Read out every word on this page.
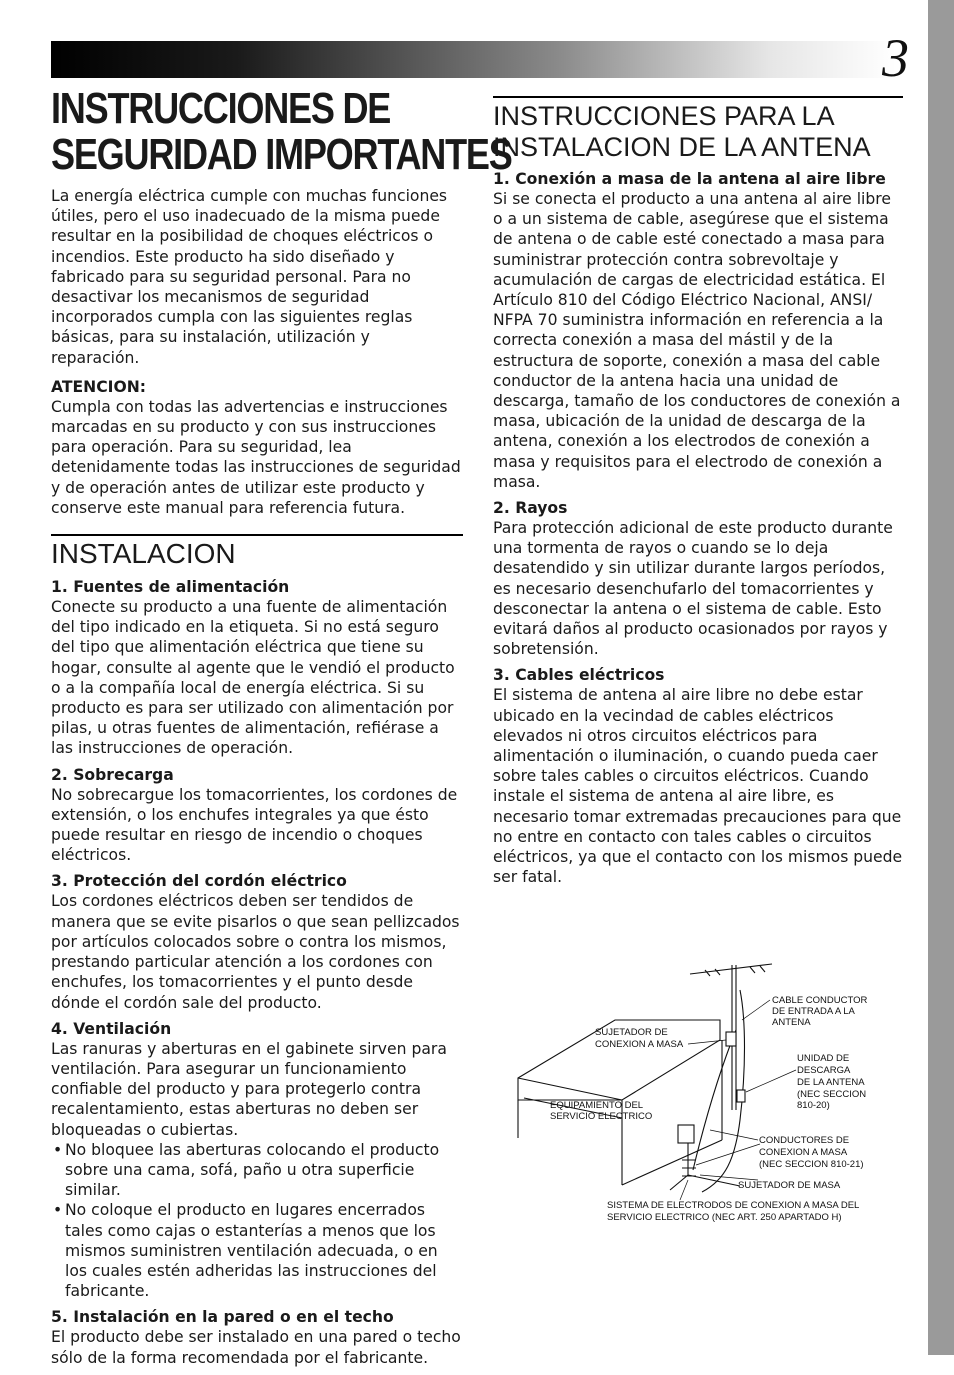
3
INSTRUCCIONES DE
SEGURIDAD IMPORTANTES

La energía eléctrica cumple con muchas funciones útiles, pero el uso inadecuado de la misma puede resultar en la posibilidad de choques eléctricos o incendios. Este producto ha sido diseñado y fabricado para su seguridad personal. Para no desactivar los mecanismos de seguridad incorporados cumpla con las siguientes reglas básicas, para su instalación, utilización y reparación.

ATENCION:

Cumpla con todas las advertencias e instrucciones marcadas en su producto y con sus instrucciones para operación. Para su seguridad, lea detenidamente todas las instrucciones de seguridad y de operación antes de utilizar este producto y conserve este manual para referencia futura.

INSTALACION
1. Fuentes de alimentación

Conecte su producto a una fuente de alimentación del tipo indicado en la etiqueta. Si no está seguro del tipo que alimentación eléctrica que tiene su hogar, consulte al agente que le vendió el producto o a la compañía local de energía eléctrica. Si su producto es para ser utilizado con alimentación por pilas, u otras fuentes de alimentación, refiérase a las instrucciones de operación.

2. Sobrecarga

No sobrecargue los tomacorrientes, los cordones de extensión, o los enchufes integrales ya que ésto puede resultar en riesgo de incendio o choques eléctricos.

3. Protección del cordón eléctrico

Los cordones eléctricos deben ser tendidos de manera que se evite pisarlos o que sean pellizcados por artículos colocados sobre o contra los mismos, prestando particular atención a los cordones con enchufes, los tomacorrientes y el punto desde dónde el cordón sale del producto.

4. Ventilación

Las ranuras y aberturas en el gabinete sirven para ventilación. Para asegurar un funcionamiento confiable del producto y para protegerlo contra recalentamiento, estas aberturas no deben ser bloqueadas o cubiertas.

• No bloquee las aberturas colocando el producto sobre una cama, sofá, paño u otra superficie similar.
• No coloque el producto en lugares encerrados tales como cajas o estanterías a menos que los mismos suministren ventilación adecuada, o en los cuales estén adheridas las instrucciones del fabricante.
5. Instalación en la pared o en el techo

El producto debe ser instalado en una pared o techo sólo de la forma recomendada por el fabricante.

INSTRUCCIONES PARA LA INSTALACION DE LA ANTENA
1. Conexión a masa de la antena al aire libre

Si se conecta el producto a una antena al aire libre o a un sistema de cable, asegúrese que el sistema de antena o de cable esté conectado a masa para suministrar protección contra sobrevoltaje y acumulación de cargas de electricidad estática. El Artículo 810 del Código Eléctrico Nacional, ANSI/ NFPA 70 suministra información en referencia a la correcta conexión a masa del mástil y de la estructura de soporte, conexión a masa del cable conductor de la antena hacia una unidad de descarga, tamaño de los conductores de conexión a masa, ubicación de la unidad de descarga de la antena, conexión a los electrodos de conexión a masa y requisitos para el electrodo de conexión a masa.

2. Rayos

Para protección adicional de este producto durante una tormenta de rayos o cuando se lo deja desatendido y sin utilizar durante largos períodos, es necesario desenchufarlo del tomacorrientes y desconectar la antena o el sistema de cable. Esto evitará daños al producto ocasionados por rayos y sobretensión.

3. Cables eléctricos

El sistema de antena al aire libre no debe estar ubicado en la vecindad de cables eléctricos elevados ni otros circuitos eléctricos para alimentación o iluminación, o cuando pueda caer sobre tales cables o circuitos eléctricos. Cuando instale el sistema de antena al aire libre, es necesario tomar extremadas precauciones para que no entre en contacto con tales cables o circuitos eléctricos, ya que el contacto con los mismos puede ser fatal.

CABLE CONDUCTOR
DE ENTRADA A LA
ANTENA
SUJETADOR DE
CONEXION A MASA
UNIDAD DE
DESCARGA
DE LA ANTENA
(NEC SECCION
810-20)
EQUIPAMIENTO DEL
SERVICIO ELECTRICO
CONDUCTORES DE
CONEXION A MASA
(NEC SECCION 810-21)
SUJETADOR DE MASA
SISTEMA DE ELECTRODOS DE CONEXION A MASA DEL
SERVICIO ELECTRICO (NEC ART. 250 APARTADO H)
